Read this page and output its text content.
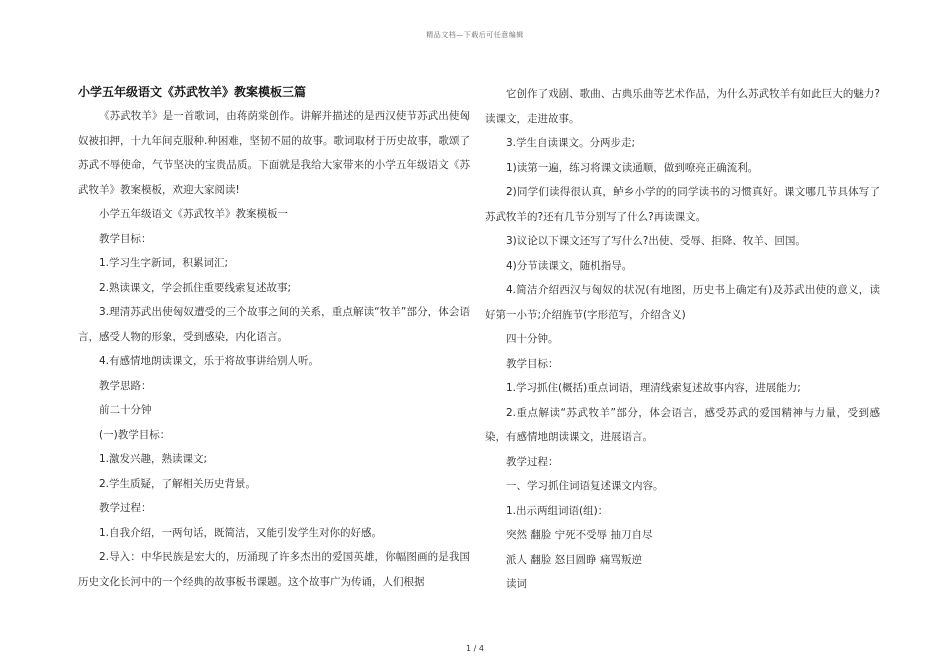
精品文档—下载后可任意编辑
小学五年级语文《苏武牧羊》教案模板三篇

《苏武牧羊》是一首歌词，由蒋荫棠创作。讲解并描述的是西汉使节苏武出使匈奴被扣押，十九年间克服种.种困难，坚韧不屈的故事。歌词取材于历史故事，歌颂了苏武不辱使命，气节坚决的宝贵品质。下面就是我给大家带来的小学五年级语文《苏武牧羊》教案模板，欢迎大家阅读!

小学五年级语文《苏武牧羊》教案模板一

教学目标：

1.学习生字新词，积累词汇;

2.熟读课文，学会抓住重要线索复述故事;

3.理清苏武出使匈奴遭受的三个故事之间的关系，重点解读“牧羊”部分，体会语言，感受人物的形象，受到感染，内化语言。

4.有感情地朗读课文，乐于将故事讲给别人听。

教学思路：

前二十分钟

(一)教学目标：

1.激发兴趣，熟读课文;

2.学生质疑，了解相关历史背景。

教学过程：

1.自我介绍，一两句话，既简洁，又能引发学生对你的好感。

2.导入：中华民族是宏大的，历涌现了许多杰出的爱国英雄，你幅图画的是我国历史文化长河中的一个经典的故事板书课题。这个故事广为传诵，人们根据

它创作了戏剧、歌曲、古典乐曲等艺术作品，为什么苏武牧羊有如此巨大的魅力?读课文，走进故事。

3.学生自读课文。分两步走;

1)读第一遍，练习将课文读通顺，做到嘹亮正确流利。

2)同学们读得很认真，鲈乡小学的的同学读书的习惯真好。课文哪几节具体写了苏武牧羊的?还有几节分别写了什么?再读课文。

3)议论以下课文还写了写什么?出使、受辱、拒降、牧羊、回国。

4)分节读课文，随机指导。

4.简洁介绍西汉与匈奴的状况(有地图，历史书上确定有)及苏武出使的意义，读好第一小节;介绍旌节(字形范写，介绍含义)

四十分钟。

教学目标：

1.学习抓住(概括)重点词语，理清线索复述故事内容，进展能力;

2.重点解读“苏武牧羊”部分，体会语言，感受苏武的爱国精神与力量，受到感染，有感情地朗读课文，进展语言。

教学过程：

一、学习抓住词语复述课文内容。

1.出示两组词语(组)：

突然 翻脸 宁死不受辱 抽刀自尽

派人 翻脸 怒目圆睁 痛骂叛逆

读词

1 / 4
